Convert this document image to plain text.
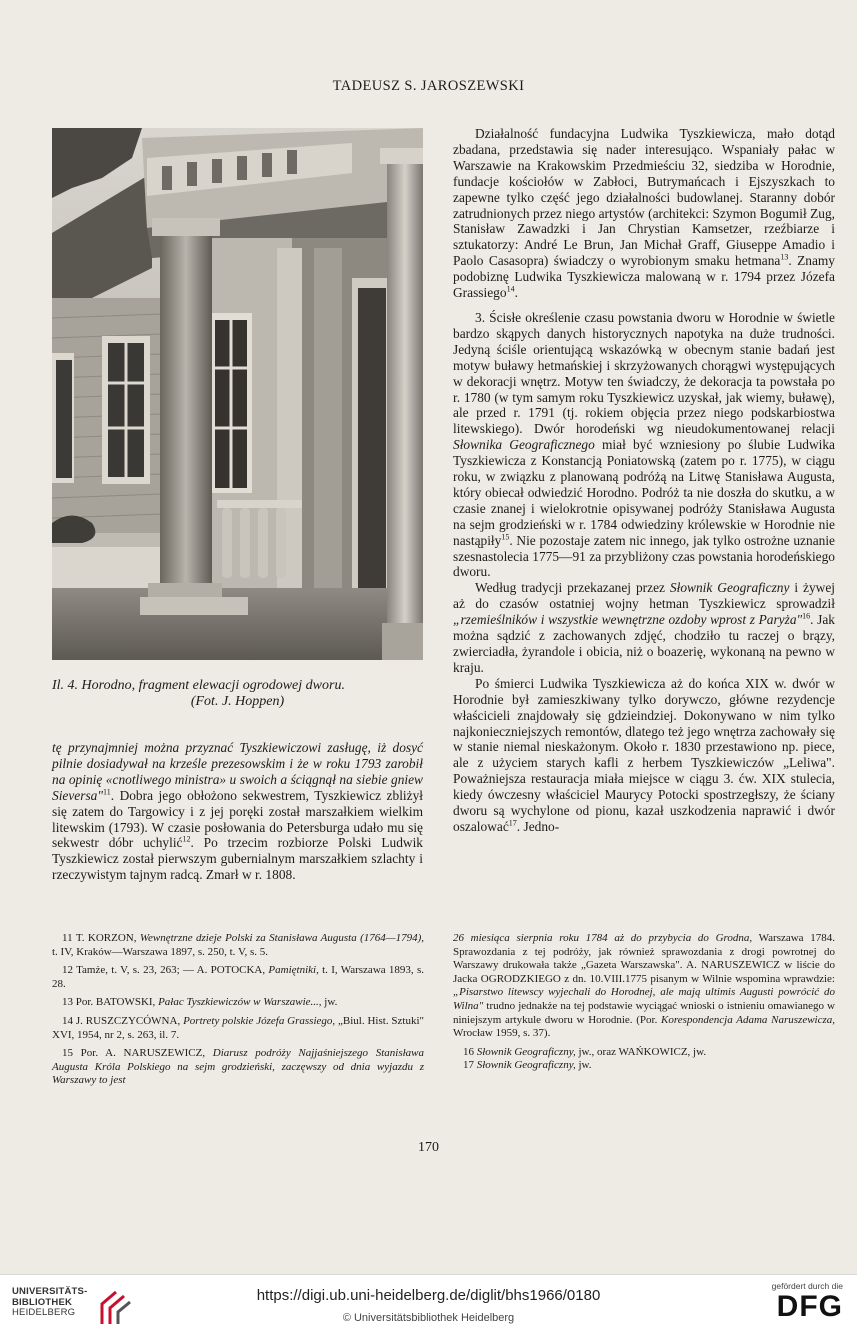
TADEUSZ S. JAROSZEWSKI
Il. 4. Horodno, fragment elewacji ogrodowej dworu.
(Fot. J. Hoppen)

tę przynajmniej można przyznać Tyszkiewiczowi zasługę, iż dosyć pilnie dosiadywał na krześle prezesowskim i że w roku 1793 zarobił na opinię «cnotliwego ministra» u swoich a ściągnął na siebie gniew Sieversa"$^{11}$. Dobra jego obłożono sekwestrem, Tyszkiewicz zbliżył się zatem do Targowicy i z jej poręki został marszałkiem wielkim litewskim (1793). W czasie posłowania do Petersburga udało mu się sekwestr dóbr uchylić$^{12}$. Po trzecim rozbiorze Polski Ludwik Tyszkiewicz został pierwszym gubernialnym marszałkiem szlachty i rzeczywistym tajnym radcą. Zmarł w r. 1808.

Działalność fundacyjna Ludwika Tyszkiewicza, mało dotąd zbadana, przedstawia się nader interesująco. Wspaniały pałac w Warszawie na Krakowskim Przedmieściu 32, siedziba w Horodnie, fundacje kościołów w Zabłoci, Butrymańcach i Ejszyszkach to zapewne tylko część jego działalności budowlanej. Staranny dobór zatrudnionych przez niego artystów (architekci: Szymon Bogumił Zug, Stanisław Zawadzki i Jan Chrystian Kamsetzer, rzeźbiarze i sztukatorzy: André Le Brun, Jan Michał Graff, Giuseppe Amadio i Paolo Casasopra) świadczy o wyrobionym smaku hetmana$^{13}$. Znamy podobiznę Ludwika Tyszkiewicza malowaną w r. 1794 przez Józefa Grassiego$^{14}$.

3. Ścisłe określenie czasu powstania dworu w Horodnie w świetle bardzo skąpych danych historycznych napotyka na duże trudności. Jedyną ściśle orientującą wskazówką w obecnym stanie badań jest motyw buławy hetmańskiej i skrzyżowanych chorągwi występujących w dekoracji wnętrz. Motyw ten świadczy, że dekoracja ta powstała po r. 1780 (w tym samym roku Tyszkiewicz uzyskał, jak wiemy, buławę), ale przed r. 1791 (tj. rokiem objęcia przez niego podskarbiostwa litewskiego). Dwór horodeński wg nieudokumentowanej relacji Słownika Geograficznego miał być wzniesiony po ślubie Ludwika Tyszkiewicza z Konstancją Poniatowską (zatem po r. 1775), w ciągu roku, w związku z planowaną podróżą na Litwę Stanisława Augusta, który obiecał odwiedzić Horodno. Podróż ta nie doszła do skutku, a w czasie znanej i wielokrotnie opisywanej podróży Stanisława Augusta na sejm grodzieński w r. 1784 odwiedziny królewskie w Horodnie nie nastąpiły$^{15}$. Nie pozostaje zatem nic innego, jak tylko ostrożne uznanie szesnastolecia 1775—91 za przybliżony czas powstania horodeńskiego dworu.

Według tradycji przekazanej przez Słownik Geograficzny i żywej aż do czasów ostatniej wojny hetman Tyszkiewicz sprowadził „rzemieślników i wszystkie wewnętrzne ozdoby wprost z Paryża"$^{16}$. Jak można sądzić z zachowanych zdjęć, chodziło tu raczej o brązy, zwierciadła, żyrandole i obicia, niż o boazerię, wykonaną na pewno w kraju.

Po śmierci Ludwika Tyszkiewicza aż do końca XIX w. dwór w Horodnie był zamieszkiwany tylko dorywczo, główne rezydencje właścicieli znajdowały się gdzieindziej. Dokonywano w nim tylko najkonieczniejszych remontów, dlatego też jego wnętrza zachowały się w stanie niemal nieskażonym. Około r. 1830 przestawiono np. piece, ale z użyciem starych kafli z herbem Tyszkiewiczów „Leliwa". Poważniejsza restauracja miała miejsce w ciągu 3. ćw. XIX stulecia, kiedy ówczesny właściciel Maurycy Potocki spostrzegłszy, że ściany dworu są wychylone od pionu, kazał uszkodzenia naprawić i dwór oszalować$^{17}$. Jedno-

11 T. KORZON, Wewnętrzne dzieje Polski za Stanisława Augusta (1764—1794), t. IV, Kraków—Warszawa 1897, s. 250, t. V, s. 5.

12 Tamże, t. V, s. 23, 263; — A. POTOCKA, Pamiętniki, t. I, Warszawa 1893, s. 28.

13 Por. BATOWSKI, Pałac Tyszkiewiczów w Warszawie..., jw.

14 J. RUSZCZYCÓWNA, Portrety polskie Józefa Grassiego, „Biul. Hist. Sztuki" XVI, 1954, nr 2, s. 263, il. 7.

15 Por. A. NARUSZEWICZ, Diarusz podróży Najjaśniejszego Stanisława Augusta Króla Polskiego na sejm grodzieński, zaczęwszy od dnia wyjazdu z Warszawy to jest

26 miesiąca sierpnia roku 1784 aż do przybycia do Grodna, Warszawa 1784. Sprawozdania z tej podróży, jak również sprawozdania z drogi powrotnej do Warszawy drukowała także „Gazeta Warszawska". A. NARUSZEWICZ w liście do Jacka OGRODZKIEGO z dn. 10.VIII.1775 pisanym w Wilnie wspomina wprawdzie: „Pisarstwo litewscy wyjechali do Horodnej, ale mają ultimis Augusti powrócić do Wilna" trudno jednakże na tej podstawie wyciągać wnioski o istnieniu omawianego w niniejszym artykule dworu w Horodnie. (Por. Korespondencja Adama Naruszewicza, Wrocław 1959, s. 37).

16 Słownik Geograficzny, jw., oraz WAŃKOWICZ, jw.

17 Słownik Geograficzny, jw.

170
UNIVERSITÄTS-
BIBLIOTHEK
HEIDELBERG
https://digi.ub.uni-heidelberg.de/diglit/bhs1966/0180
© Universitätsbibliothek Heidelberg
gefördert durch die
DFG
